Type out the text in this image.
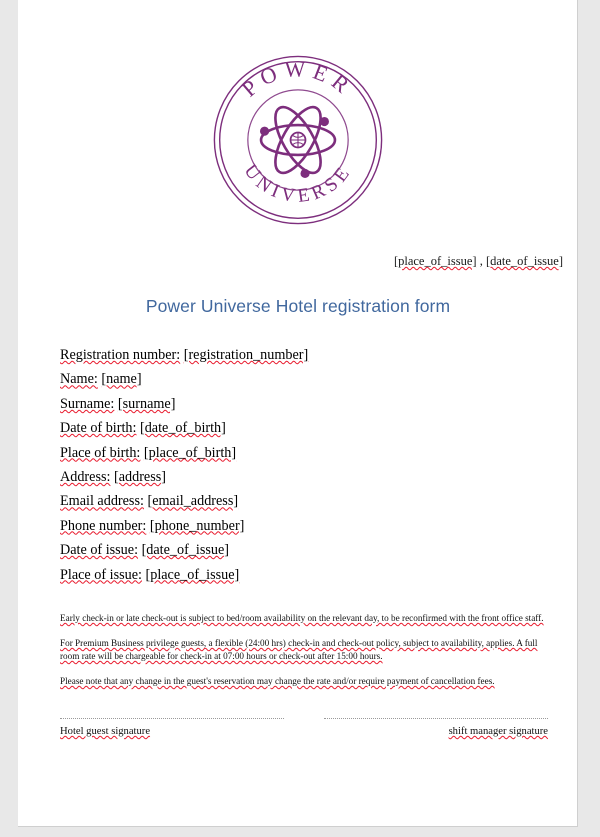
POWER
UNIVERSE
[place_of_issue] , [date_of_issue]
Power Universe Hotel registration form
Registration number: [registration_number]
Name: [name]
Surname: [surname]
Date of birth: [date_of_birth]
Place of birth: [place_of_birth]
Address: [address]
Email address: [email_address]
Phone number: [phone_number]
Date of issue: [date_of_issue]
Place of issue: [place_of_issue]

Early check-in or late check-out is subject to bed/room availability on the relevant day, to be reconfirmed with the front office staff.

For Premium Business privilege guests, a flexible (24:00 hrs) check-in and check-out policy, subject to availability, applies. A full room rate will be chargeable for check-in at 07:00 hours or check-out after 15:00 hours.

Please note that any change in the guest's reservation may change the rate and/or require payment of cancellation fees.

Hotel guest signature	shift manager signature
